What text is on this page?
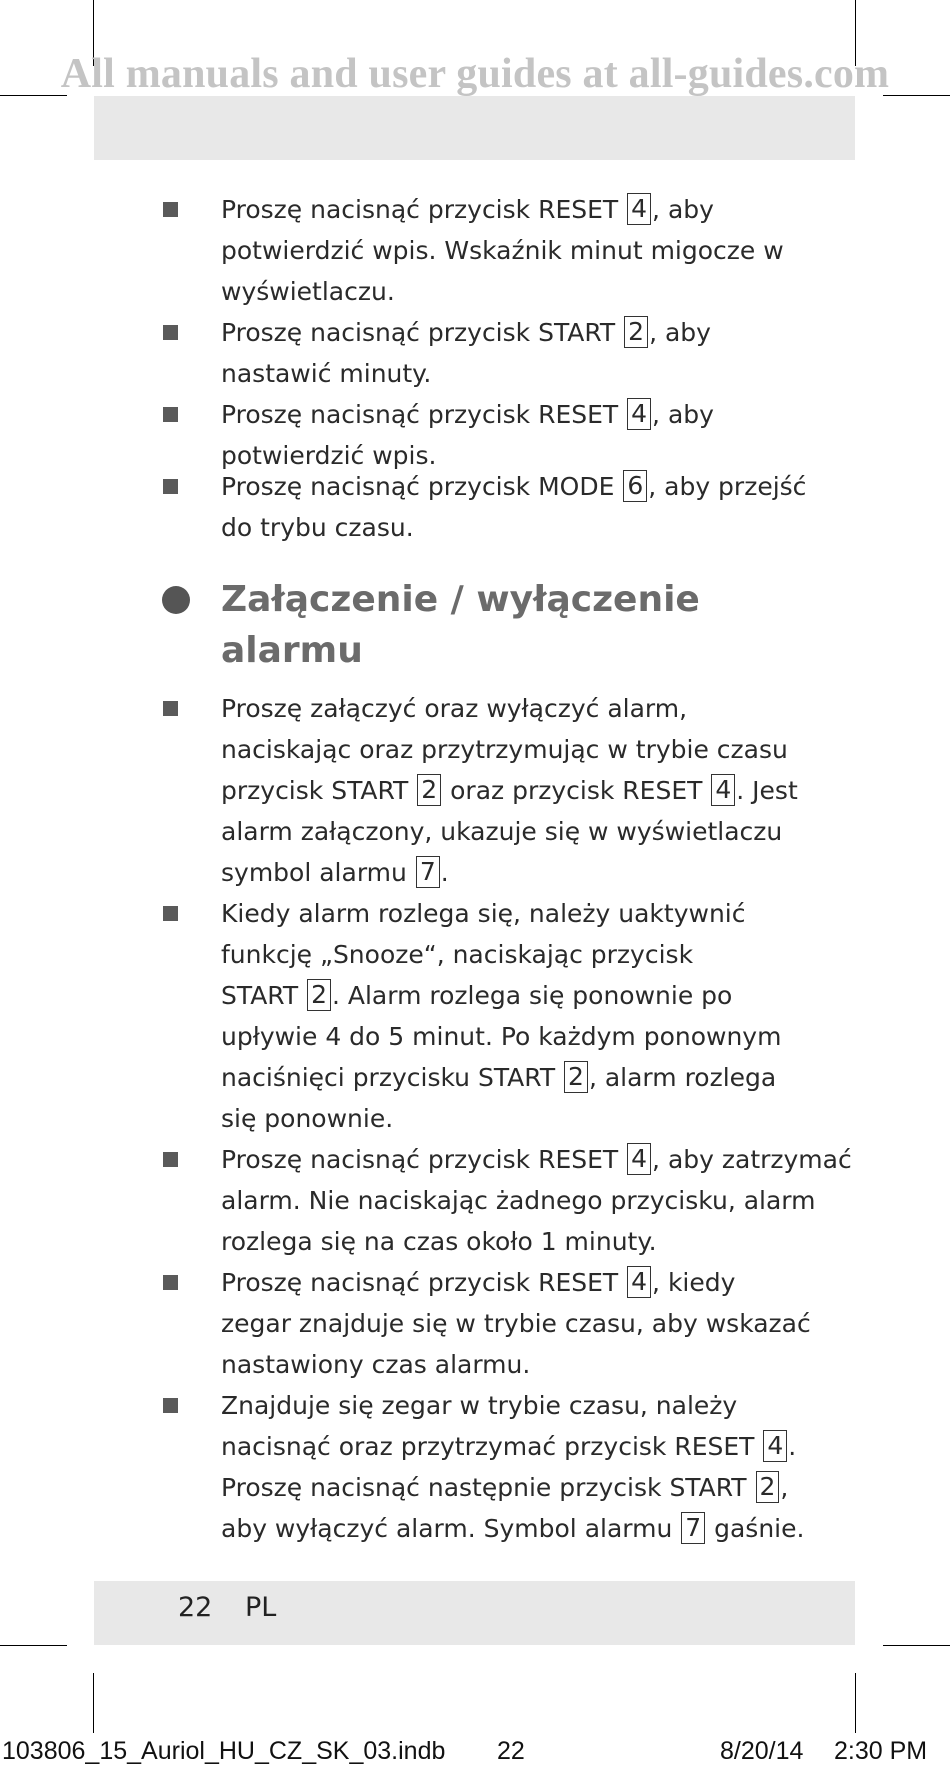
All manuals and user guides at all-guides.com
Proszę nacisnąć przycisk RESET 4 , aby
potwierdzić wpis. Wskaźnik minut migocze w
wyświetlaczu.
Proszę nacisnąć przycisk START 2 , aby
nastawić minuty.
Proszę nacisnąć przycisk RESET 4 , aby
potwierdzić wpis.
Proszę nacisnąć przycisk MODE 6 , aby przejść
do trybu czasu.
Załączenie / wyłączenie
alarmu
Proszę załączyć oraz wyłączyć alarm,
naciskając oraz przytrzymując w trybie czasu
przycisk START 2 oraz przycisk RESET 4 . Jest
alarm załączony, ukazuje się w wyświetlaczu
symbol alarmu 7 .
Kiedy alarm rozlega się, należy uaktywnić
funkcję „Snooze“, naciskając przycisk
START 2 . Alarm rozlega się ponownie po
upływie 4 do 5 minut. Po każdym ponownym
naciśnięci przycisku START 2 , alarm rozlega
się ponownie.
Proszę nacisnąć przycisk RESET 4 , aby zatrzymać
alarm. Nie naciskając żadnego przycisku, alarm
rozlega się na czas około 1 minuty.
Proszę nacisnąć przycisk RESET 4 , kiedy
zegar znajduje się w trybie czasu, aby wskazać
nastawiony czas alarmu.
Znajduje się zegar w trybie czasu, należy
nacisnąć oraz przytrzymać przycisk RESET 4 .
Proszę nacisnąć następnie przycisk START 2 ,
aby wyłączyć alarm. Symbol alarmu 7 gaśnie.
22 PL
103806_15_Auriol_HU_CZ_SK_03.indb 22	8/20/14 2:30 PM
